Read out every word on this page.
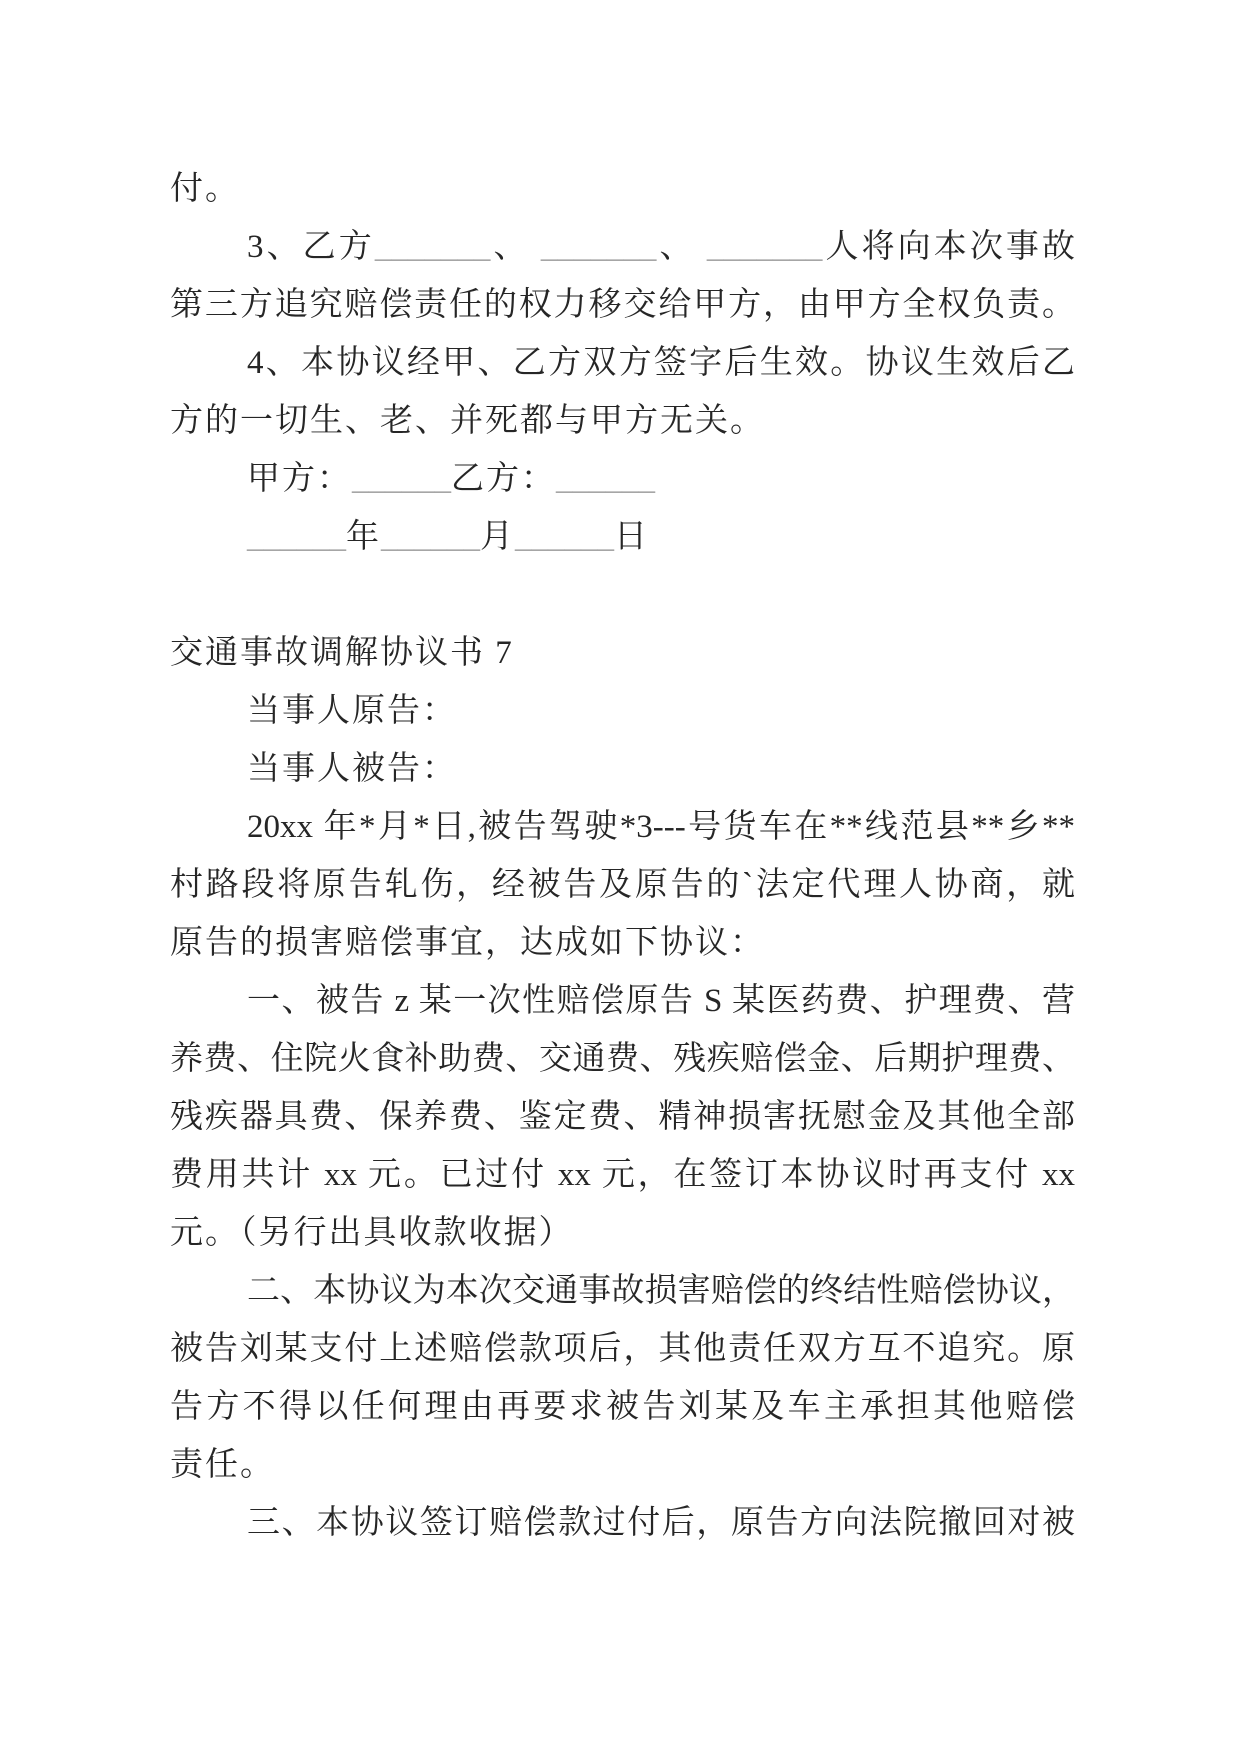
付。
3、乙方_______、 _______、 _______人将向本次事故
第三方追究赔偿责任的权力移交给甲方，由甲方全权负责。
4、本协议经甲、乙方双方签字后生效。协议生效后乙
方的一切生、老、并死都与甲方无关。
甲方：______乙方：______
______年______月______日
交通事故调解协议书 7
当事人原告：
当事人被告：
20xx 年*月*日,被告驾驶*3---号货车在**线范县**乡**
村路段将原告轧伤，经被告及原告的`法定代理人协商，就
原告的损害赔偿事宜，达成如下协议：
一、被告 z 某一次性赔偿原告 S 某医药费、护理费、营
养费、住院火食补助费、交通费、残疾赔偿金、后期护理费、
残疾器具费、保养费、鉴定费、精神损害抚慰金及其他全部
费用共计 xx 元。已过付 xx 元，在签订本协议时再支付 xx
元。（另行出具收款收据）
二、本协议为本次交通事故损害赔偿的终结性赔偿协议，
被告刘某支付上述赔偿款项后，其他责任双方互不追究。原
告方不得以任何理由再要求被告刘某及车主承担其他赔偿
责任。
三、本协议签订赔偿款过付后，原告方向法院撤回对被
